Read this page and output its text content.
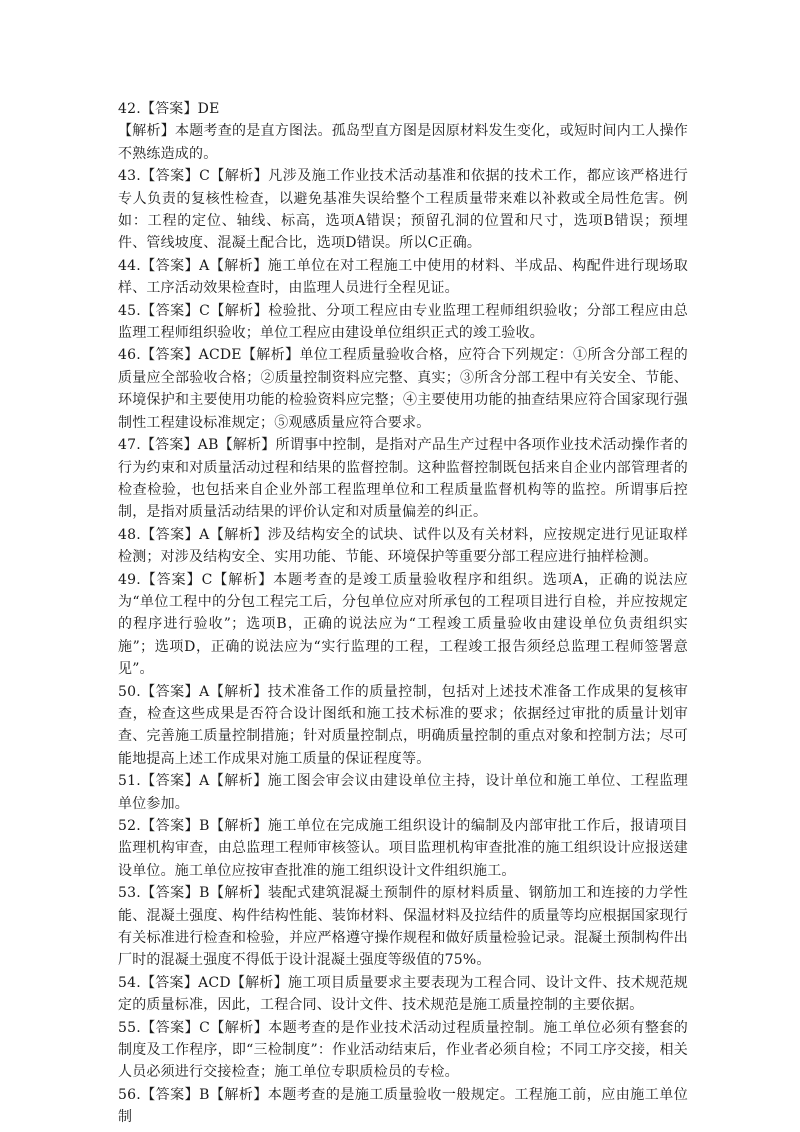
42.【答案】DE

【解析】本题考查的是直方图法。孤岛型直方图是因原材料发生变化，或短时间内工人操作不熟练造成的。

43.【答案】C【解析】凡涉及施工作业技术活动基准和依据的技术工作，都应该严格进行专人负责的复核性检查，以避免基准失误给整个工程质量带来难以补救或全局性危害。例如：工程的定位、轴线、标高，选项A错误；预留孔洞的位置和尺寸，选项B错误；预埋件、管线坡度、混凝土配合比，选项D错误。所以C正确。

44.【答案】A【解析】施工单位在对工程施工中使用的材料、半成品、构配件进行现场取样、工序活动效果检查时，由监理人员进行全程见证。

45.【答案】C【解析】检验批、分项工程应由专业监理工程师组织验收；分部工程应由总监理工程师组织验收；单位工程应由建设单位组织正式的竣工验收。

46.【答案】ACDE【解析】单位工程质量验收合格，应符合下列规定：①所含分部工程的质量应全部验收合格；②质量控制资料应完整、真实；③所含分部工程中有关安全、节能、环境保护和主要使用功能的检验资料应完整；④主要使用功能的抽查结果应符合国家现行强制性工程建设标准规定；⑤观感质量应符合要求。

47.【答案】AB【解析】所谓事中控制，是指对产品生产过程中各项作业技术活动操作者的行为约束和对质量活动过程和结果的监督控制。这种监督控制既包括来自企业内部管理者的检查检验，也包括来自企业外部工程监理单位和工程质量监督机构等的监控。所谓事后控制，是指对质量活动结果的评价认定和对质量偏差的纠正。

48.【答案】A【解析】涉及结构安全的试块、试件以及有关材料，应按规定进行见证取样检测；对涉及结构安全、实用功能、节能、环境保护等重要分部工程应进行抽样检测。

49.【答案】C【解析】本题考查的是竣工质量验收程序和组织。选项A，正确的说法应为“单位工程中的分包工程完工后，分包单位应对所承包的工程项目进行自检，并应按规定的程序进行验收”；选项B，正确的说法应为“工程竣工质量验收由建设单位负责组织实施”；选项D，正确的说法应为“实行监理的工程，工程竣工报告须经总监理工程师签署意见”。

50.【答案】A【解析】技术准备工作的质量控制，包括对上述技术准备工作成果的复核审查，检查这些成果是否符合设计图纸和施工技术标准的要求；依据经过审批的质量计划审查、完善施工质量控制措施；针对质量控制点，明确质量控制的重点对象和控制方法；尽可能地提高上述工作成果对施工质量的保证程度等。

51.【答案】A【解析】施工图会审会议由建设单位主持，设计单位和施工单位、工程监理单位参加。

52.【答案】B【解析】施工单位在完成施工组织设计的编制及内部审批工作后，报请项目监理机构审查，由总监理工程师审核签认。项目监理机构审查批准的施工组织设计应报送建设单位。施工单位应按审查批准的施工组织设计文件组织施工。

53.【答案】B【解析】装配式建筑混凝土预制件的原材料质量、钢筋加工和连接的力学性能、混凝土强度、构件结构性能、装饰材料、保温材料及拉结件的质量等均应根据国家现行有关标准进行检查和检验，并应严格遵守操作规程和做好质量检验记录。混凝土预制构件出厂时的混凝土强度不得低于设计混凝土强度等级值的75%。

54.【答案】ACD【解析】施工项目质量要求主要表现为工程合同、设计文件、技术规范规定的质量标准，因此，工程合同、设计文件、技术规范是施工质量控制的主要依据。

55.【答案】C【解析】本题考查的是作业技术活动过程质量控制。施工单位必须有整套的制度及工作程序，即“三检制度”：作业活动结束后，作业者必须自检；不同工序交接，相关人员必须进行交接检查；施工单位专职质检员的专检。

56.【答案】B【解析】本题考查的是施工质量验收一般规定。工程施工前，应由施工单位制
